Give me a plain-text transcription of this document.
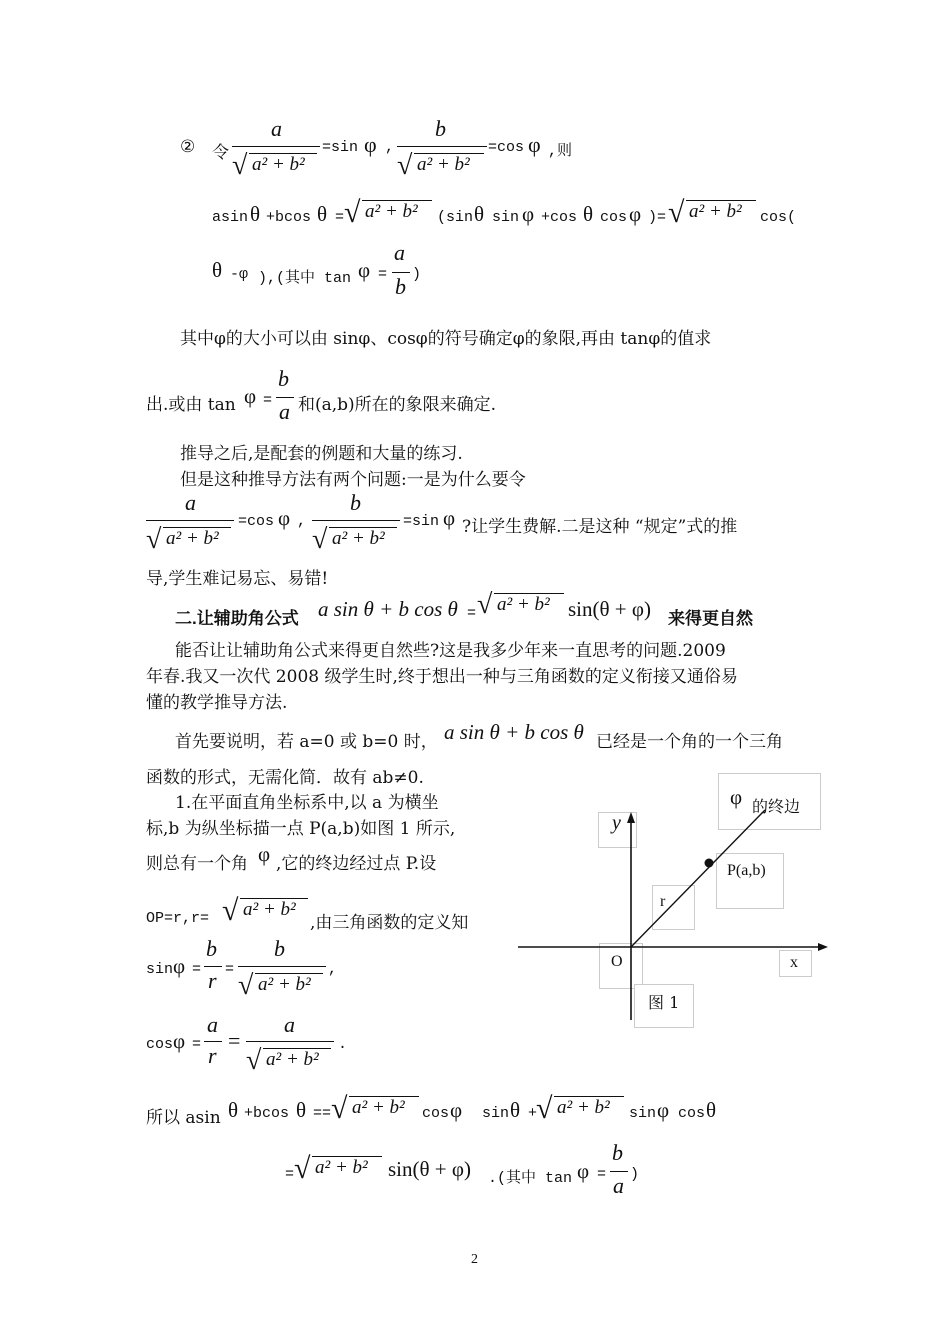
② 令
a
√ a² + b²
=sin φ ,
b
√ a² + b²
=cos φ ,则
asin θ +bcos θ = √ a² + b² (sin θ sin φ +cos θ cos φ )= √ a² + b² cos(
θ -φ ),(其中 tan φ =
a
b )
其中φ的大小可以由 sinφ、cosφ的符号确定φ的象限,再由 tanφ的值求
出.或由 tan φ =
b
a 和(a,b)所在的象限来确定.
推导之后,是配套的例题和大量的练习.
但是这种推导方法有两个问题:一是为什么要令
a
√ a² + b²
=cos φ ,
b
√ a² + b²
=sin φ ?让学生费解.二是这种 “规定”式的推
导,学生难记易忘、易错!
二.让辅助角公式 a sin θ + b cos θ = √ a² + b² sin(θ + φ) 来得更自然
能否让让辅助角公式来得更自然些?这是我多少年来一直思考的问题.2009
年春.我又一次代 2008 级学生时,终于想出一种与三角函数的定义衔接又通俗易
懂的教学推导方法.
首先要说明，若 a=0 或 b=0 时， a sin θ + b cos θ 已经是一个角的一个三角
函数的形式，无需化简．故有 ab≠0.
1.在平面直角坐标系中,以 a 为横坐
标,b 为纵坐标描一点 P(a,b)如图 1 所示,
则总有一个角 φ ,它的终边经过点 P.设
OP=r,r= √ a² + b²
,由三角函数的定义知
sin φ =
b
r =
b
√ a² + b²
,
cos φ =
a
r
=
a
√ a² + b²
.
φ 的终边
y
P(a,b)
r
O	x
图 1
所以 asin θ +bcos θ == √ a² + b² cos φ sin θ +
√ a² + b² sin φ cos θ
= √ a² + b² sin(θ + φ) .(其中 tan φ =
b
a )
2
